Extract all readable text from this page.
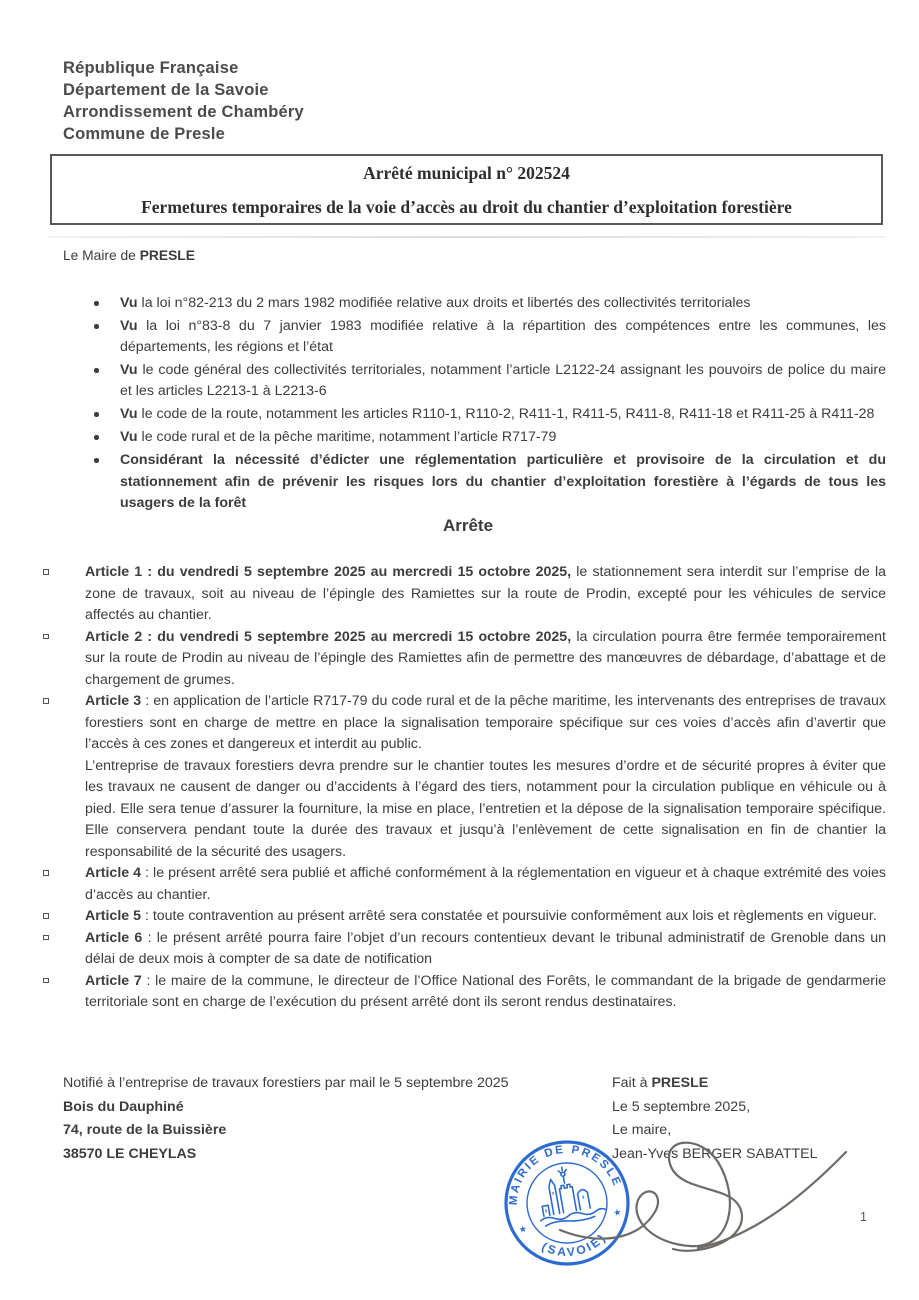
République Française
Département de la Savoie
Arrondissement de Chambéry
Commune de Presle
Arrêté municipal n° 202524
Fermetures temporaires de la voie d’accès au droit du chantier d’exploitation forestière

Le Maire de PRESLE

Vu la loi n°82-213 du 2 mars 1982 modifiée relative aux droits et libertés des collectivités territoriales

Vu la loi n°83-8 du 7 janvier 1983 modifiée relative à la répartition des compétences entre les communes, les départements, les régions et l’état

Vu le code général des collectivités territoriales, notamment l’article L2122-24 assignant les pouvoirs de police du maire et les articles L2213-1 à L2213-6

Vu le code de la route, notamment les articles R110-1, R110-2, R411-1, R411-5, R411-8, R411-18 et R411-25 à R411-28

Vu le code rural et de la pêche maritime, notamment l’article R717-79

Considérant la nécessité d’édicter une réglementation particulière et provisoire de la circulation et du stationnement afin de prévenir les risques lors du chantier d’exploitation forestière à l’égards de tous les usagers de la forêt

Arrête

Article 1 : du vendredi 5 septembre 2025 au mercredi 15 octobre 2025, le stationnement sera interdit sur l’emprise de la zone de travaux, soit au niveau de l’épingle des Ramiettes sur la route de Prodin, excepté pour les véhicules de service affectés au chantier.

Article 2 : du vendredi 5 septembre 2025 au mercredi 15 octobre 2025, la circulation pourra être fermée temporairement sur la route de Prodin au niveau de l’épingle des Ramiettes afin de permettre des manœuvres de débardage, d’abattage et de chargement de grumes.

Article 3 : en application de l’article R717-79 du code rural et de la pêche maritime, les intervenants des entreprises de travaux forestiers sont en charge de mettre en place la signalisation temporaire spécifique sur ces voies d’accès afin d’avertir que l’accès à ces zones et dangereux et interdit au public.

L’entreprise de travaux forestiers devra prendre sur le chantier toutes les mesures d’ordre et de sécurité propres à éviter que les travaux ne causent de danger ou d’accidents à l’égard des tiers, notamment pour la circulation publique en véhicule ou à pied. Elle sera tenue d’assurer la fourniture, la mise en place, l’entretien et la dépose de la signalisation temporaire spécifique. Elle conservera pendant toute la durée des travaux et jusqu’à l’enlèvement de cette signalisation en fin de chantier la responsabilité de la sécurité des usagers.

Article 4 : le présent arrêté sera publié et affiché conformément à la réglementation en vigueur et à chaque extrémité des voies d’accès au chantier.

Article 5 : toute contravention au présent arrêté sera constatée et poursuivie conformément aux lois et règlements en vigueur.

Article 6 : le présent arrêté pourra faire l’objet d’un recours contentieux devant le tribunal administratif de Grenoble dans un délai de deux mois à compter de sa date de notification

Article 7 : le maire de la commune, le directeur de l’Office National des Forêts, le commandant de la brigade de gendarmerie territoriale sont en charge de l’exécution du présent arrêté dont ils seront rendus destinataires.

Notifié à l’entreprise de travaux forestiers par mail le 5 septembre 2025

Bois du Dauphiné

74, route de la Buissière

38570 LE CHEYLAS

Fait à PRESLE

Le 5 septembre 2025,

Le maire,

Jean-Yves BERGER SABATTEL

MAIRIE DE PRESLE
(SAVOIE)
★
★	1
